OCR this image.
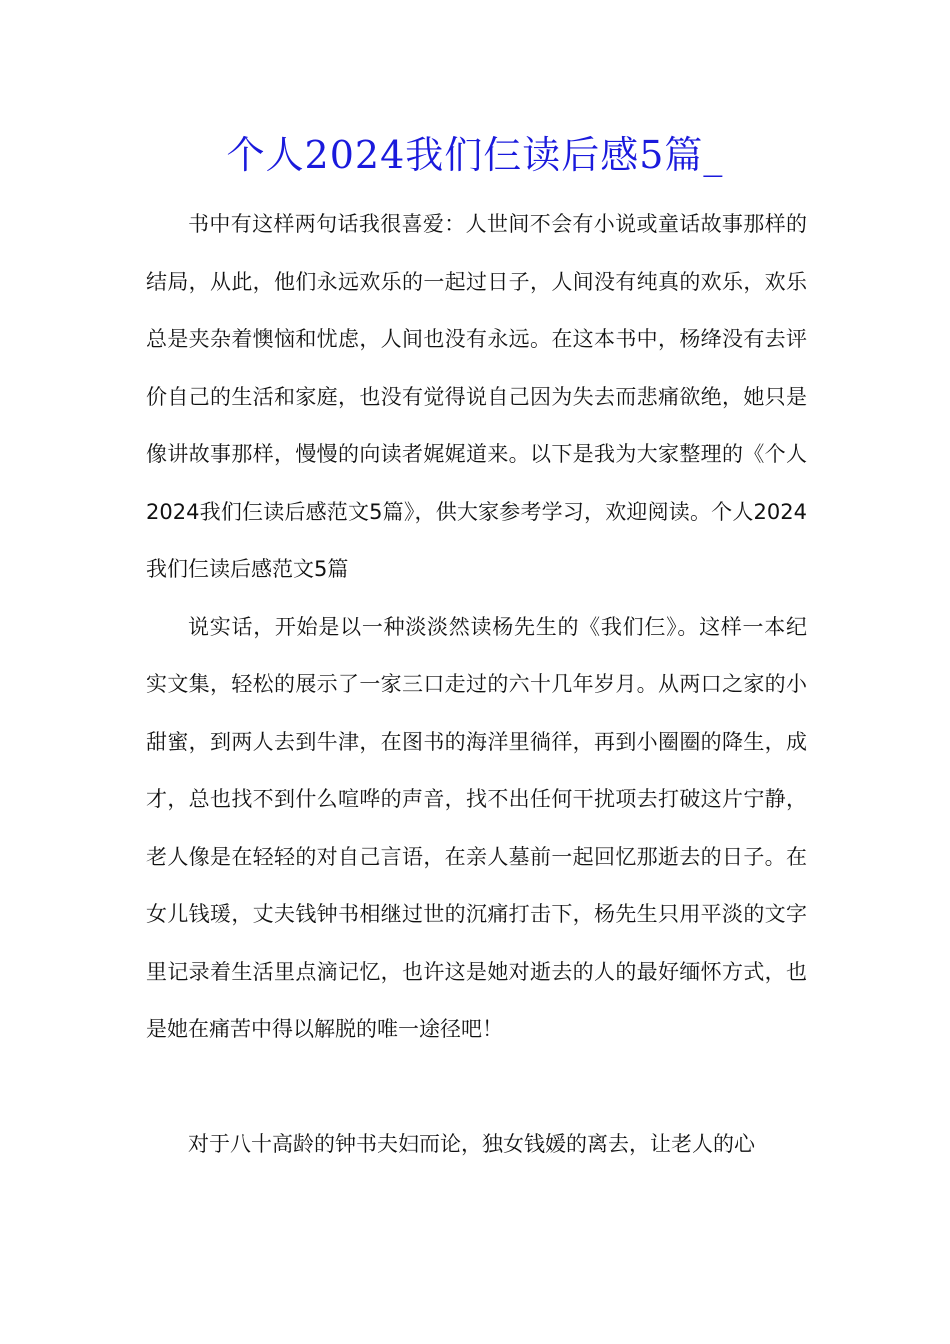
个人2024我们仨读后感5篇_

书中有这样两句话我很喜爱：人世间不会有小说或童话故事那样的结局，从此，他们永远欢乐的一起过日子，人间没有纯真的欢乐，欢乐总是夹杂着懊恼和忧虑，人间也没有永远。在这本书中，杨绛没有去评价自己的生活和家庭，也没有觉得说自己因为失去而悲痛欲绝，她只是像讲故事那样，慢慢的向读者娓娓道来。以下是我为大家整理的《个人2024我们仨读后感范文5篇》，供大家参考学习，欢迎阅读。个人2024我们仨读后感范文5篇

说实话，开始是以一种淡淡然读杨先生的《我们仨》。这样一本纪实文集，轻松的展示了一家三口走过的六十几年岁月。从两口之家的小甜蜜，到两人去到牛津，在图书的海洋里徜徉，再到小圈圈的降生，成才，总也找不到什么喧哗的声音，找不出任何干扰项去打破这片宁静，老人像是在轻轻的对自己言语，在亲人墓前一起回忆那逝去的日子。在女儿钱瑗，丈夫钱钟书相继过世的沉痛打击下，杨先生只用平淡的文字里记录着生活里点滴记忆，也许这是她对逝去的人的最好缅怀方式，也是她在痛苦中得以解脱的唯一途径吧！

对于八十高龄的钟书夫妇而论，独女钱媛的离去，让老人的心
